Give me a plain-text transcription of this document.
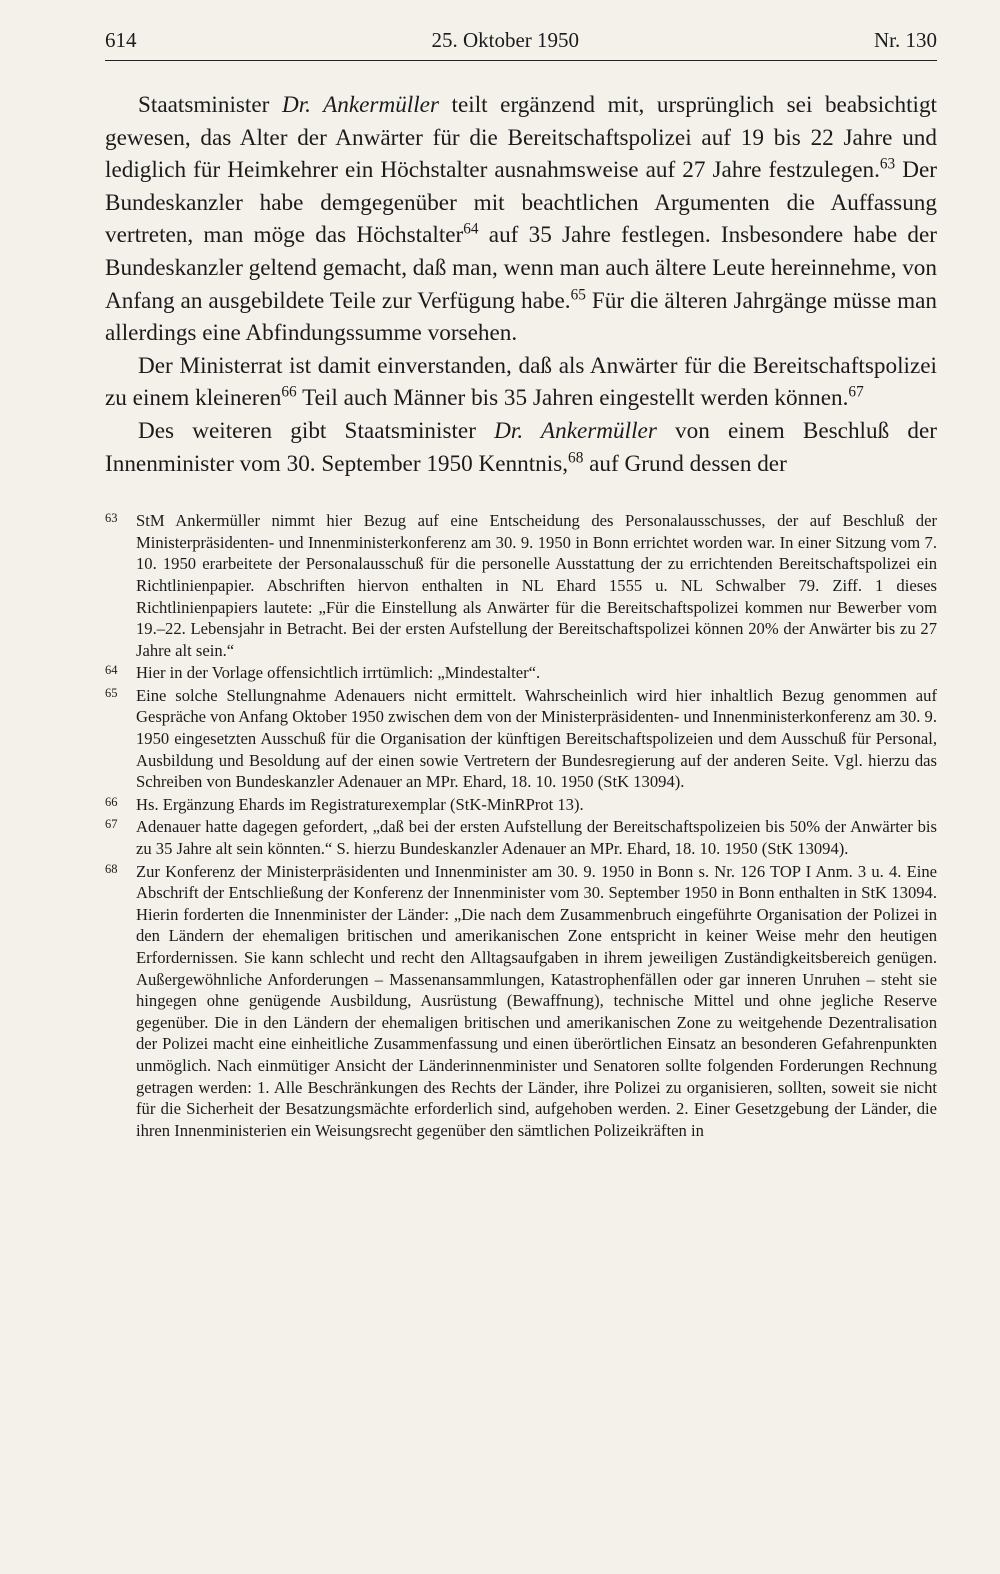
614	25. Oktober 1950	Nr. 130

Staatsminister Dr. Ankermüller teilt ergänzend mit, ursprünglich sei beabsichtigt gewesen, das Alter der Anwärter für die Bereitschaftspolizei auf 19 bis 22 Jahre und lediglich für Heimkehrer ein Höchstalter ausnahmsweise auf 27 Jahre festzulegen.$^{63}$ Der Bundeskanzler habe demgegenüber mit beachtlichen Argumenten die Auffassung vertreten, man möge das Höchstalter$^{64}$ auf 35 Jahre festlegen. Insbesondere habe der Bundeskanzler geltend gemacht, daß man, wenn man auch ältere Leute hereinnehme, von Anfang an ausgebildete Teile zur Verfügung habe.$^{65}$ Für die älteren Jahrgänge müsse man allerdings eine Abfindungssumme vorsehen.

Der Ministerrat ist damit einverstanden, daß als Anwärter für die Bereitschaftspolizei zu einem kleineren$^{66}$ Teil auch Männer bis 35 Jahren eingestellt werden können.$^{67}$

Des weiteren gibt Staatsminister Dr. Ankermüller von einem Beschluß der Innenminister vom 30. September 1950 Kenntnis,$^{68}$ auf Grund dessen der

63 StM Ankermüller nimmt hier Bezug auf eine Entscheidung des Personalausschusses, der auf Beschluß der Ministerpräsidenten- und Innenministerkonferenz am 30. 9. 1950 in Bonn errichtet worden war. In einer Sitzung vom 7. 10. 1950 erarbeitete der Personalausschuß für die personelle Ausstattung der zu errichtenden Bereitschaftspolizei ein Richtlinienpapier. Abschriften hiervon enthalten in NL Ehard 1555 u. NL Schwalber 79. Ziff. 1 dieses Richtlinienpapiers lautete: „Für die Einstellung als Anwärter für die Bereitschaftspolizei kommen nur Bewerber vom 19.–22. Lebensjahr in Betracht. Bei der ersten Aufstellung der Bereitschaftspolizei können 20% der Anwärter bis zu 27 Jahre alt sein.“
64 Hier in der Vorlage offensichtlich irrtümlich: „Mindestalter“.
65 Eine solche Stellungnahme Adenauers nicht ermittelt. Wahrscheinlich wird hier inhaltlich Bezug genommen auf Gespräche von Anfang Oktober 1950 zwischen dem von der Ministerpräsidenten- und Innenministerkonferenz am 30. 9. 1950 eingesetzten Ausschuß für die Organisation der künftigen Bereitschaftspolizeien und dem Ausschuß für Personal, Ausbildung und Besoldung auf der einen sowie Vertretern der Bundesregierung auf der anderen Seite. Vgl. hierzu das Schreiben von Bundeskanzler Adenauer an MPr. Ehard, 18. 10. 1950 (StK 13094).
66 Hs. Ergänzung Ehards im Registraturexemplar (StK-MinRProt 13).
67 Adenauer hatte dagegen gefordert, „daß bei der ersten Aufstellung der Bereitschaftspolizeien bis 50% der Anwärter bis zu 35 Jahre alt sein könnten.“ S. hierzu Bundeskanzler Adenauer an MPr. Ehard, 18. 10. 1950 (StK 13094).
68 Zur Konferenz der Ministerpräsidenten und Innenminister am 30. 9. 1950 in Bonn s. Nr. 126 TOP I Anm. 3 u. 4. Eine Abschrift der Entschließung der Konferenz der Innenminister vom 30. September 1950 in Bonn enthalten in StK 13094. Hierin forderten die Innenminister der Länder: „Die nach dem Zusammenbruch eingeführte Organisation der Polizei in den Ländern der ehemaligen britischen und amerikanischen Zone entspricht in keiner Weise mehr den heutigen Erfordernissen. Sie kann schlecht und recht den Alltagsaufgaben in ihrem jeweiligen Zuständigkeitsbereich genügen. Außergewöhnliche Anforderungen – Massenansammlungen, Katastrophenfällen oder gar inneren Unruhen – steht sie hingegen ohne genügende Ausbildung, Ausrüstung (Bewaffnung), technische Mittel und ohne jegliche Reserve gegenüber. Die in den Ländern der ehemaligen britischen und amerikanischen Zone zu weitgehende Dezentralisation der Polizei macht eine einheitliche Zusammenfassung und einen überörtlichen Einsatz an besonderen Gefahrenpunkten unmöglich. Nach einmütiger Ansicht der Länderinnenminister und Senatoren sollte folgenden Forderungen Rechnung getragen werden: 1. Alle Beschränkungen des Rechts der Länder, ihre Polizei zu organisieren, sollten, soweit sie nicht für die Sicherheit der Besatzungsmächte erforderlich sind, aufgehoben werden. 2. Einer Gesetzgebung der Länder, die ihren Innenministerien ein Weisungsrecht gegenüber den sämtlichen Polizeikräften in
